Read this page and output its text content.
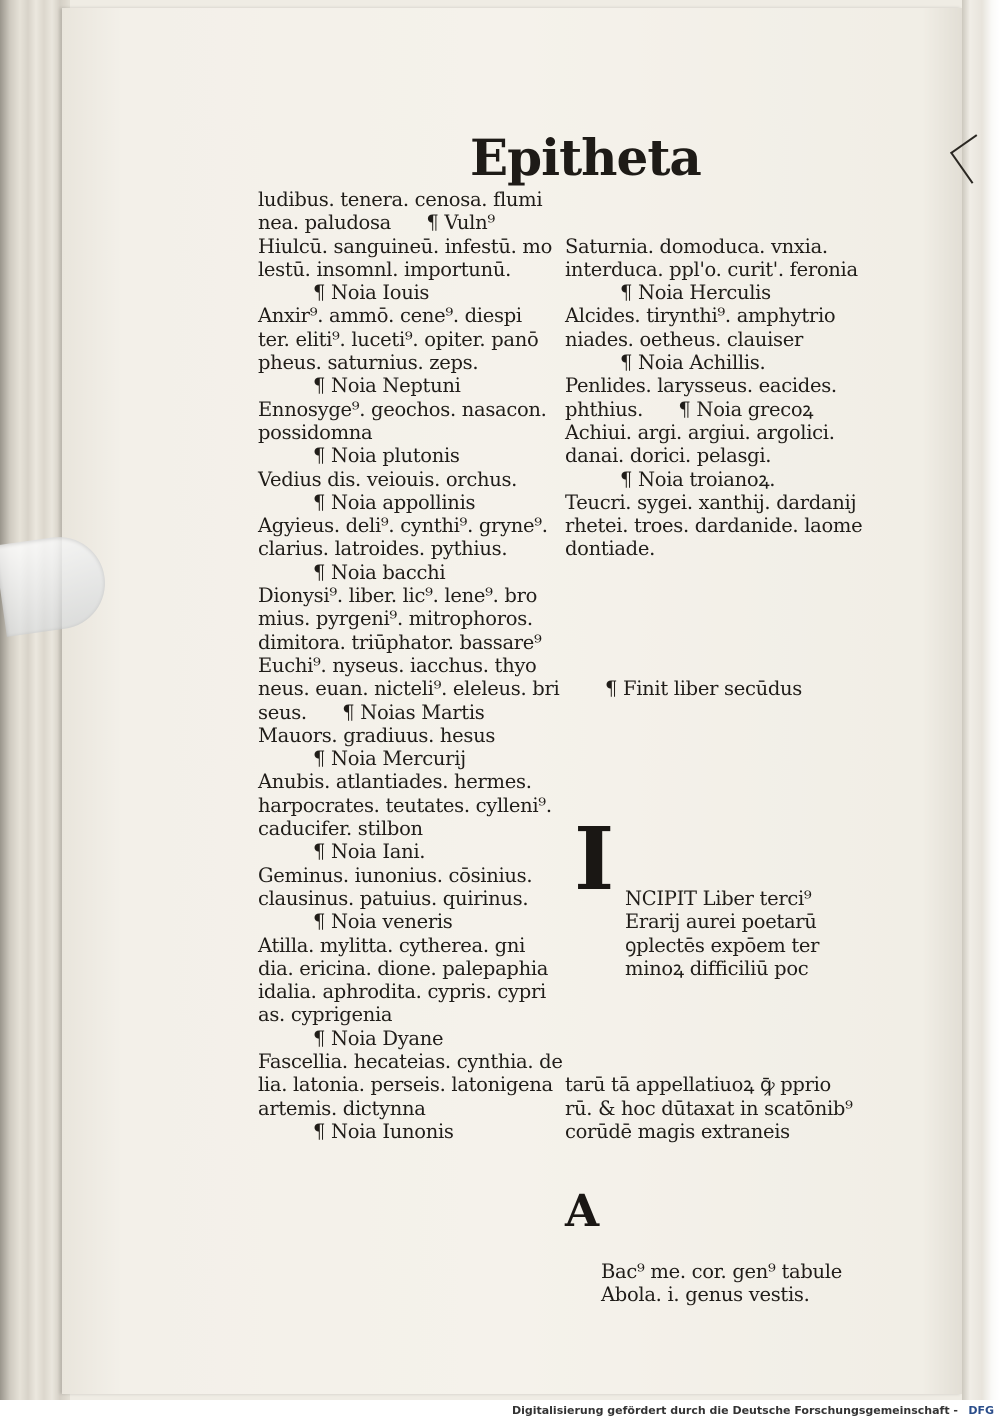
Epitheta
ludibus. tenera. cenosa. flumi
nea. paludosa      ¶ Vuln⁹
Hiulcū. sanguineū. infestū. mo
lestū. insomnl. importunū.
¶ Noia Iouis
Anxir⁹. ammō. cene⁹. diespi
ter. eliti⁹. luceti⁹. opiter. panō
pheus. saturnius. zeps.
¶ Noia Neptuni
Ennosyge⁹. geochos. nasacon.
possidomna
¶ Noia plutonis
Vedius dis. veiouis. orchus.
¶ Noia appollinis
Agyieus. deli⁹. cynthi⁹. gryne⁹.
clarius. latroides. pythius.
¶ Noia bacchi
Dionysi⁹. liber. lic⁹. lene⁹. bro
mius. pyrgeni⁹. mitrophoros.
dimitora. triūphator. bassare⁹
Euchi⁹. nyseus. iacchus. thyo
neus. euan. nicteli⁹. eleleus. bri
seus.      ¶ Noias Martis
Mauors. gradiuus. hesus
¶ Noia Mercurij
Anubis. atlantiades. hermes.
harpocrates. teutates. cylleni⁹.
caducifer. stilbon
¶ Noia Iani.
Geminus. iunonius. cōsinius.
clausinus. patuius. quirinus.
¶ Noia veneris
Atilla. mylitta. cytherea. gni
dia. ericina. dione. palepaphia
idalia. aphrodita. cypris. cypri
as. cyprigenia
¶ Noia Dyane
Fascellia. hecateias. cynthia. de
lia. latonia. perseis. latonigena
artemis. dictynna
¶ Noia Iunonis

Saturnia. domoduca. vnxia.
interduca. ppl'o. curit'. feronia
¶ Noia Herculis
Alcides. tirynthi⁹. amphytrio
niades. oetheus. clauiser
¶ Noia Achillis.
Penlides. larysseus. eacides.
phthius.      ¶ Noia grecoꝝ
Achiui. argi. argiui. argolici.
danai. dorici. pelasgi.
¶ Noia troianoꝝ.
Teucri. sygei. xanthij. dardanij
rhetei. troes. dardanide. laome
dontiade.

¶ Finit liber secūdus

I

NCIPIT Liber terci⁹
Erarij aurei poetarū
ꝯplectēs expōem ter
minoꝝ difficiliū poc

tarū tā appellatiuoꝝ ꝙ̄ pprio
rū. & hoc dūtaxat in scatōnib⁹
corūdē magis extraneis

A

Bac⁹ me. cor. gen⁹ tabule
Abola. i. genus vestis.

Digitalisierung gefördert durch die Deutsche Forschungsgemeinschaft - DFG
